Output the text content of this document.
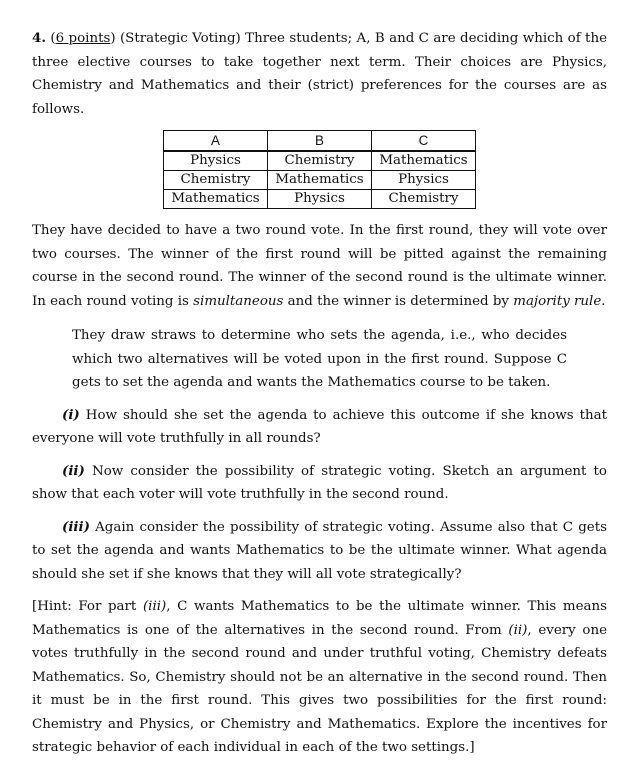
4. (6 points) (Strategic Voting) Three students; A, B and C are deciding which of the three elective courses to take together next term. Their choices are Physics, Chemistry and Mathematics and their (strict) preferences for the courses are as follows.

A	B	C
Physics	Chemistry	Mathematics
Chemistry	Mathematics	Physics
Mathematics	Physics	Chemistry

They have decided to have a two round vote. In the first round, they will vote over two courses. The winner of the first round will be pitted against the remaining course in the second round. The winner of the second round is the ultimate winner. In each round voting is simultaneous and the winner is determined by majority rule.

They draw straws to determine who sets the agenda, i.e., who decides which two alternatives will be voted upon in the first round. Suppose C gets to set the agenda and wants the Mathematics course to be taken.

(i) How should she set the agenda to achieve this outcome if she knows that everyone will vote truthfully in all rounds?

(ii) Now consider the possibility of strategic voting. Sketch an argument to show that each voter will vote truthfully in the second round.

(iii) Again consider the possibility of strategic voting. Assume also that C gets to set the agenda and wants Mathematics to be the ultimate winner. What agenda should she set if she knows that they will all vote strategically?

[Hint: For part (iii), C wants Mathematics to be the ultimate winner. This means Mathematics is one of the alternatives in the second round. From (ii), every one votes truthfully in the second round and under truthful voting, Chemistry defeats Mathematics. So, Chemistry should not be an alternative in the second round. Then it must be in the first round. This gives two possibilities for the first round: Chemistry and Physics, or Chemistry and Mathematics. Explore the incentives for strategic behavior of each individual in each of the two settings.]
